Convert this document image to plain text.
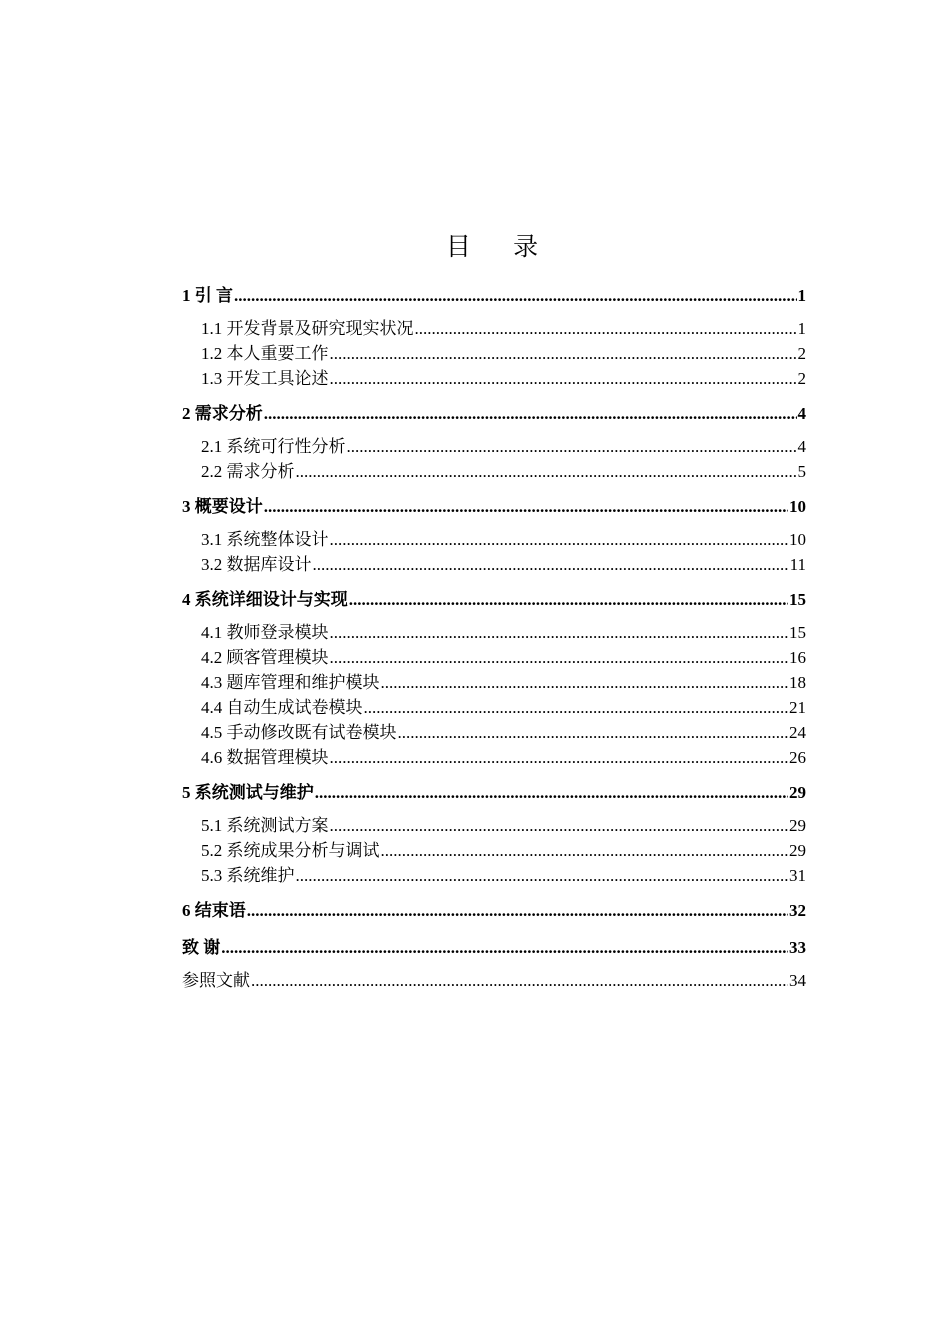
目 录
1 引 言 .....	1
1.1 开发背景及研究现实状况 .....	1
1.2 本人重要工作 .....	2
1.3 开发工具论述 .....	2
2 需求分析 .....	4
2.1 系统可行性分析 .....	4
2.2 需求分析 .....	5
3 概要设计 .....	10
3.1 系统整体设计 .....	10
3.2 数据库设计 .....	11
4 系统详细设计与实现 .....	15
4.1 教师登录模块 .....	15
4.2 顾客管理模块 .....	16
4.3 题库管理和维护模块 .....	18
4.4 自动生成试卷模块 .....	21
4.5 手动修改既有试卷模块 .....	24
4.6 数据管理模块 .....	26
5 系统测试与维护 .....	29
5.1 系统测试方案 .....	29
5.2 系统成果分析与调试 .....	29
5.3 系统维护 .....	31
6 结束语 .....	32
致 谢 .....	33
参照文献 .....	34
